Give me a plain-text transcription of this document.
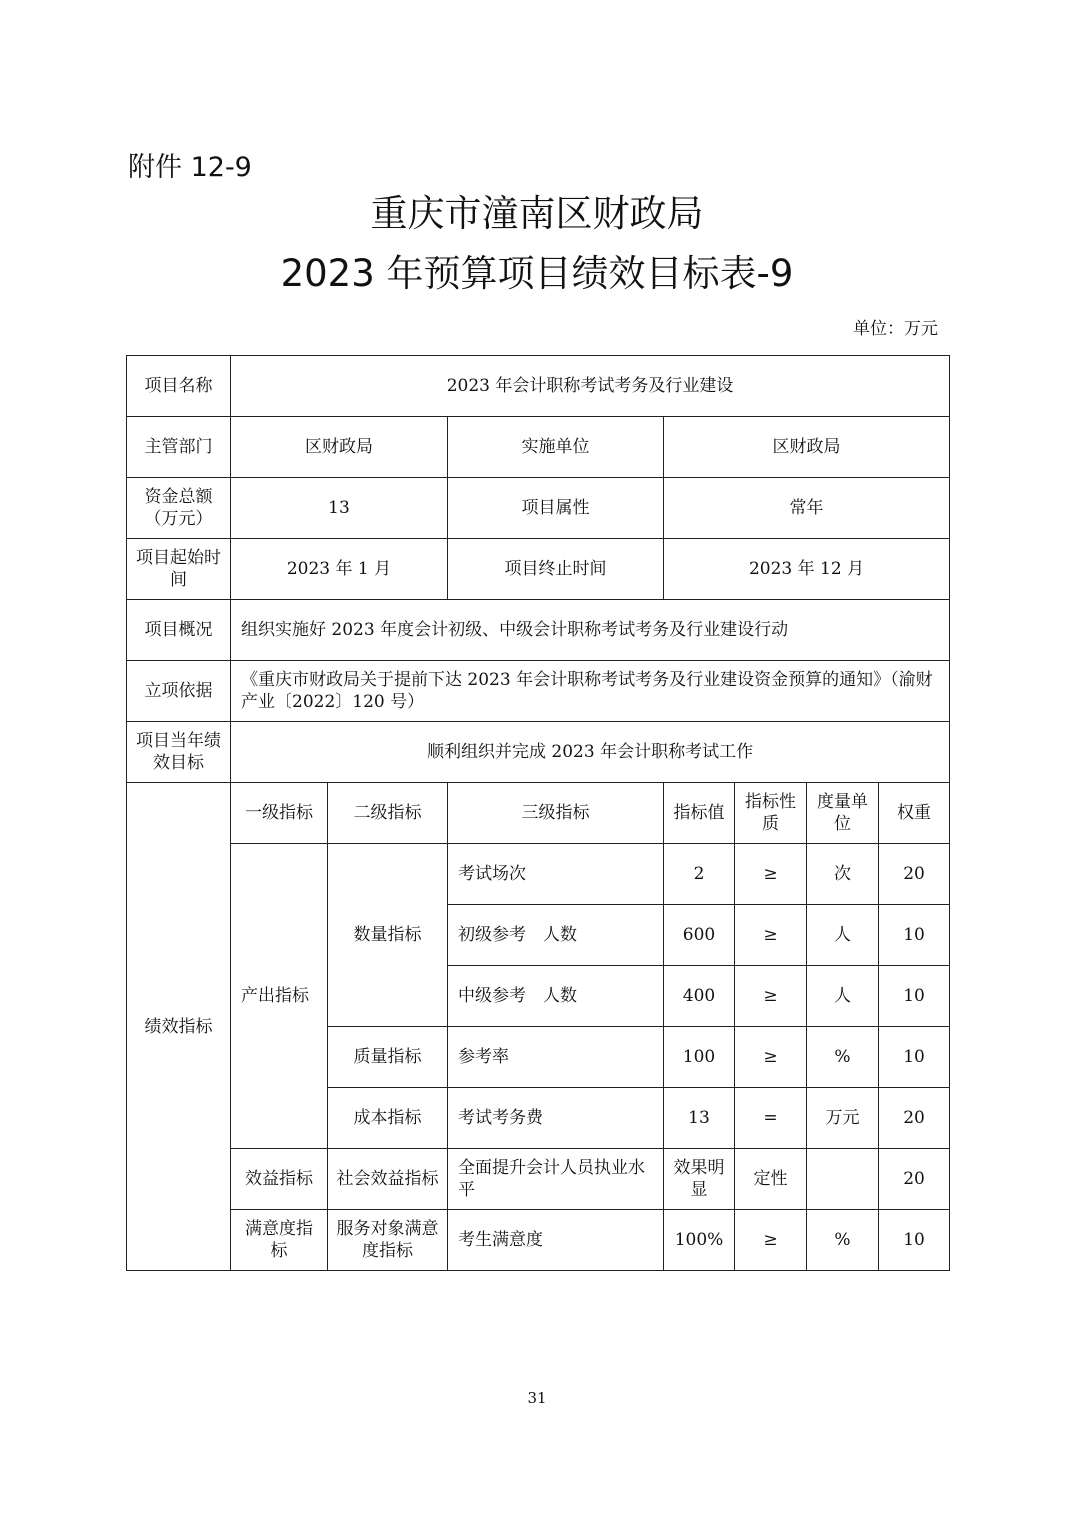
附件 12-9
重庆市潼南区财政局
2023 年预算项目绩效目标表-9
单位：万元
项目名称	2023 年会计职称考试考务及行业建设						
主管部门	区财政局		实施单位	区财政局			
资金总额（万元）	13		项目属性	常年			
项目起始时间	2023 年 1 月		项目终止时间	2023 年 12 月			
项目概况	组织实施好 2023 年度会计初级、中级会计职称考试考务及行业建设行动						
立项依据	《重庆市财政局关于提前下达 2023 年会计职称考试考务及行业建设资金预算的通知》（渝财产业〔2022〕120 号）						
项目当年绩效目标	顺利组织并完成 2023 年会计职称考试工作						
绩效指标	一级指标	二级指标	三级指标	指标值	指标性质	度量单位	权重
	产出指标	数量指标	考试场次	2	≥	次	20
			初级参考　人数	600	≥	人	10
			中级参考　人数	400	≥	人	10
		质量指标	参考率	100	≥	%	10
		成本指标	考试考务费	13	=	万元	20
	效益指标	社会效益指标	全面提升会计人员执业水平	效果明显	定性		20
	满意度指标	服务对象满意度指标	考生满意度	100%	≥	%	10
31
